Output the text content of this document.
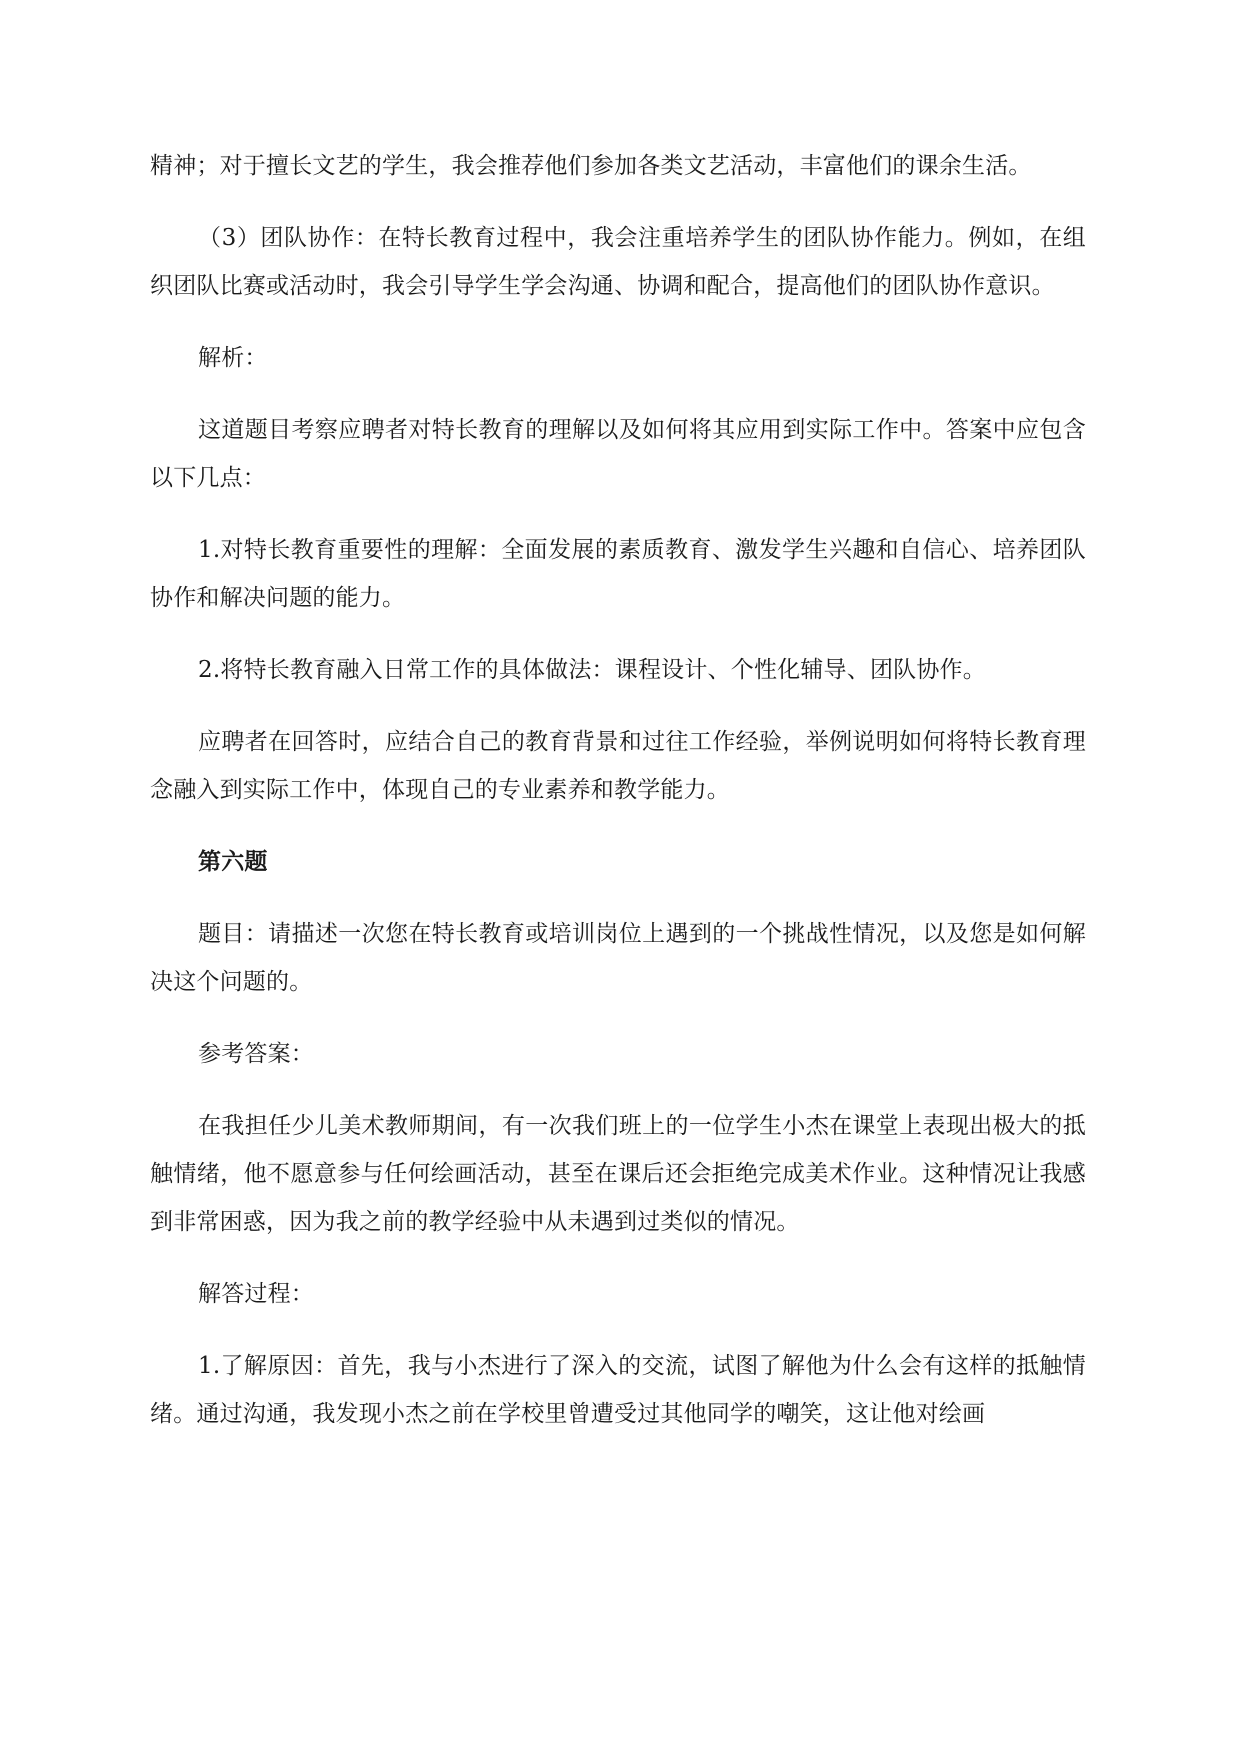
精神；对于擅长文艺的学生，我会推荐他们参加各类文艺活动，丰富他们的课余生活。

（3）团队协作：在特长教育过程中，我会注重培养学生的团队协作能力。例如，在组织团队比赛或活动时，我会引导学生学会沟通、协调和配合，提高他们的团队协作意识。

解析：

这道题目考察应聘者对特长教育的理解以及如何将其应用到实际工作中。答案中应包含以下几点：

1.对特长教育重要性的理解：全面发展的素质教育、激发学生兴趣和自信心、培养团队协作和解决问题的能力。

2.将特长教育融入日常工作的具体做法：课程设计、个性化辅导、团队协作。

应聘者在回答时，应结合自己的教育背景和过往工作经验，举例说明如何将特长教育理念融入到实际工作中，体现自己的专业素养和教学能力。

第六题

题目：请描述一次您在特长教育或培训岗位上遇到的一个挑战性情况，以及您是如何解决这个问题的。

参考答案：

在我担任少儿美术教师期间，有一次我们班上的一位学生小杰在课堂上表现出极大的抵触情绪，他不愿意参与任何绘画活动，甚至在课后还会拒绝完成美术作业。这种情况让我感到非常困惑，因为我之前的教学经验中从未遇到过类似的情况。

解答过程：

1.了解原因：首先，我与小杰进行了深入的交流，试图了解他为什么会有这样的抵触情绪。通过沟通，我发现小杰之前在学校里曾遭受过其他同学的嘲笑，这让他对绘画
